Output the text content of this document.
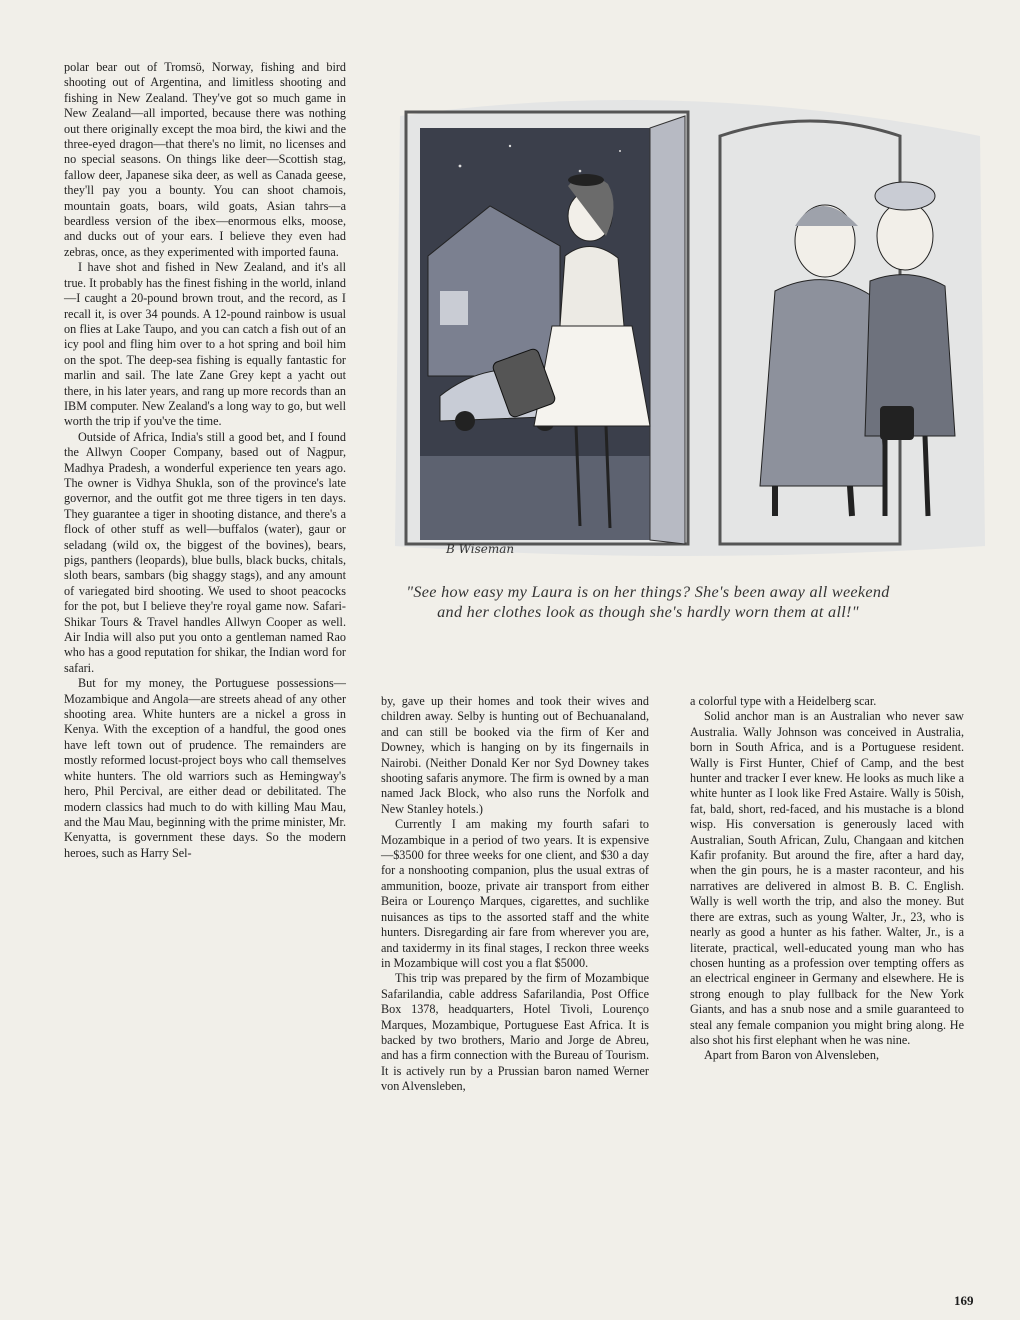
polar bear out of Tromsö, Norway, fishing and bird shooting out of Argentina, and limitless shooting and fishing in New Zealand. They've got so much game in New Zealand—all imported, because there was nothing out there originally except the moa bird, the kiwi and the three-eyed dragon—that there's no limit, no licenses and no special seasons. On things like deer—Scottish stag, fallow deer, Japanese sika deer, as well as Canada geese, they'll pay you a bounty. You can shoot chamois, mountain goats, boars, wild goats, Asian tahrs—a beardless version of the ibex—enormous elks, moose, and ducks out of your ears. I believe they even had zebras, once, as they experimented with imported fauna.

I have shot and fished in New Zealand, and it's all true. It probably has the finest fishing in the world, inland—I caught a 20-pound brown trout, and the record, as I recall it, is over 34 pounds. A 12-pound rainbow is usual on flies at Lake Taupo, and you can catch a fish out of an icy pool and fling him over to a hot spring and boil him on the spot. The deep-sea fishing is equally fantastic for marlin and sail. The late Zane Grey kept a yacht out there, in his later years, and rang up more records than an IBM computer. New Zealand's a long way to go, but well worth the trip if you've the time.

Outside of Africa, India's still a good bet, and I found the Allwyn Cooper Company, based out of Nagpur, Madhya Pradesh, a wonderful experience ten years ago. The owner is Vidhya Shukla, son of the province's late governor, and the outfit got me three tigers in ten days. They guarantee a tiger in shooting distance, and there's a flock of other stuff as well—buffalos (water), gaur or seladang (wild ox, the biggest of the bovines), bears, pigs, panthers (leopards), blue bulls, black bucks, chitals, sloth bears, sambars (big shaggy stags), and any amount of variegated bird shooting. We used to shoot peacocks for the pot, but I believe they're royal game now. Safari-Shikar Tours & Travel handles Allwyn Cooper as well. Air India will also put you onto a gentleman named Rao who has a good reputation for shikar, the Indian word for safari.

But for my money, the Portuguese possessions—Mozambique and Angola—are streets ahead of any other shooting area. White hunters are a nickel a gross in Kenya. With the exception of a handful, the good ones have left town out of prudence. The remainders are mostly reformed locust-project boys who call themselves white hunters. The old warriors such as Hemingway's hero, Phil Percival, are either dead or debilitated. The modern classics had much to do with killing Mau Mau, and the Mau Mau, beginning with the prime minister, Mr. Kenyatta, is government these days. So the modern heroes, such as Harry Sel-

B Wiseman
"See how easy my Laura is on her things? She's been away all weekend and her clothes look as though she's hardly worn them at all!"

by, gave up their homes and took their wives and children away. Selby is hunting out of Bechuanaland, and can still be booked via the firm of Ker and Downey, which is hanging on by its fingernails in Nairobi. (Neither Donald Ker nor Syd Downey takes shooting safaris anymore. The firm is owned by a man named Jack Block, who also runs the Norfolk and New Stanley hotels.)

Currently I am making my fourth safari to Mozambique in a period of two years. It is expensive—$3500 for three weeks for one client, and $30 a day for a nonshooting companion, plus the usual extras of ammunition, booze, private air transport from either Beira or Lourenço Marques, cigarettes, and suchlike nuisances as tips to the assorted staff and the white hunters. Disregarding air fare from wherever you are, and taxidermy in its final stages, I reckon three weeks in Mozambique will cost you a flat $5000.

This trip was prepared by the firm of Mozambique Safarilandia, cable address Safarilandia, Post Office Box 1378, headquarters, Hotel Tivoli, Lourenço Marques, Mozambique, Portuguese East Africa. It is backed by two brothers, Mario and Jorge de Abreu, and has a firm connection with the Bureau of Tourism. It is actively run by a Prussian baron named Werner von Alvensleben,

a colorful type with a Heidelberg scar.

Solid anchor man is an Australian who never saw Australia. Wally Johnson was conceived in Australia, born in South Africa, and is a Portuguese resident. Wally is First Hunter, Chief of Camp, and the best hunter and tracker I ever knew. He looks as much like a white hunter as I look like Fred Astaire. Wally is 50ish, fat, bald, short, red-faced, and his mustache is a blond wisp. His conversation is generously laced with Australian, South African, Zulu, Changaan and kitchen Kafir profanity. But around the fire, after a hard day, when the gin pours, he is a master raconteur, and his narratives are delivered in almost B. B. C. English. Wally is well worth the trip, and also the money. But there are extras, such as young Walter, Jr., 23, who is nearly as good a hunter as his father. Walter, Jr., is a literate, practical, well-educated young man who has chosen hunting as a profession over tempting offers as an electrical engineer in Germany and elsewhere. He is strong enough to play fullback for the New York Giants, and has a snub nose and a smile guaranteed to steal any female companion you might bring along. He also shot his first elephant when he was nine.

Apart from Baron von Alvensleben,

169
